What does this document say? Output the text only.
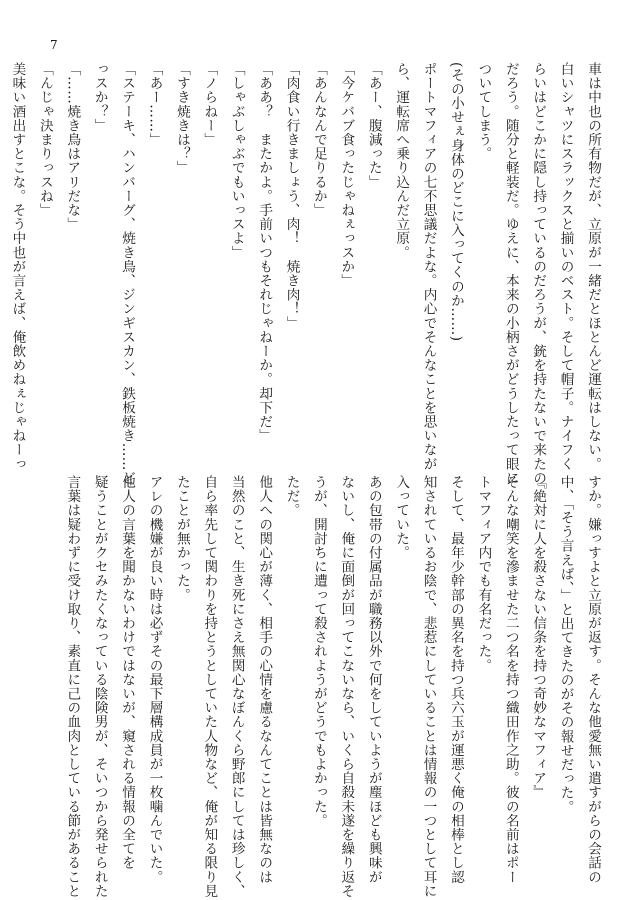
7
車は中也の所有物だが、立原が一緒だとほとんど運転はしない。
白いシャツにスラックスと揃いのベスト。そして帽子。ナイフく
らいはどこかに隠し持っているのだろうが、銃を持たないで来たの
だろう。随分と軽装だ。ゆえに、本来の小柄さがどうしたって眼に
ついてしまう。
(その小せぇ身体のどこに入ってくのか……)
ポートマフィアの七不思議だよな。内心でそんなことを思いなが
ら、運転席へ乗り込んだ立原。
「あー、腹減った」
「今ケバブ食ったじゃねぇっスか」
「あんなんで足りるか」
「肉食い行きましょう、肉！　焼き肉！」
「ああ？　またかよ。手前いつもそれじゃねーか。却下だ」
「しゃぶしゃぶでもいっスよ」
「ノらねー」
「すき焼きは？」
「あー……」
「ステーキ、ハンバーグ、焼き鳥、ジンギスカン、鉄板焼き……ど
っスか？」
「……焼き鳥はアリだな」
「んじゃ決まりっスね」
美味い酒出すとこな。そう中也が言えば、俺飲めねぇじゃねーっ
すか。嫌っすよと立原が返す。そんな他愛無い遣すがらの会話の
中、「そう言えば、」と出てきたのがその報せだった。
『絶対に人を殺さない信条を持つ奇妙なマフィア』
そんな嘲笑を滲ませた二つ名を持つ織田作之助。彼の名前はポー
トマフィア内でも有名だった。
そして、最年少幹部の異名を持つ兵六玉が運悪く俺の相棒とし認
知されているお陰で、悲惹にしていることは情報の一つとして耳に
入っていた。
あの包帯の付属品が職務以外で何をしていようが塵ほども興味が
ないし、俺に面倒が回ってこないなら、いくら自殺未遂を繰り返そ
うが、開討ちに遭って殺されようがどうでもよかった。
ただ。
他人への関心が薄く、相手の心情を慮るなんてことは皆無なのは
当然のこと、生き死にさえ無関心なぼんくら野郎にしては珍しく、
自ら率先して関わりを持とうとしていた人物など、俺が知る限り見
たことが無かった。
アレの機嫌が良い時は必ずその最下層構成員が一枚噛んでいた。
他人の言葉を聞かないわけではないが、窺される情報の全てを
疑うことがクセみたくなっている陰険男が、そいつから発せられた
言葉は疑わずに受け取り、素直に己の血肉としている節があること
